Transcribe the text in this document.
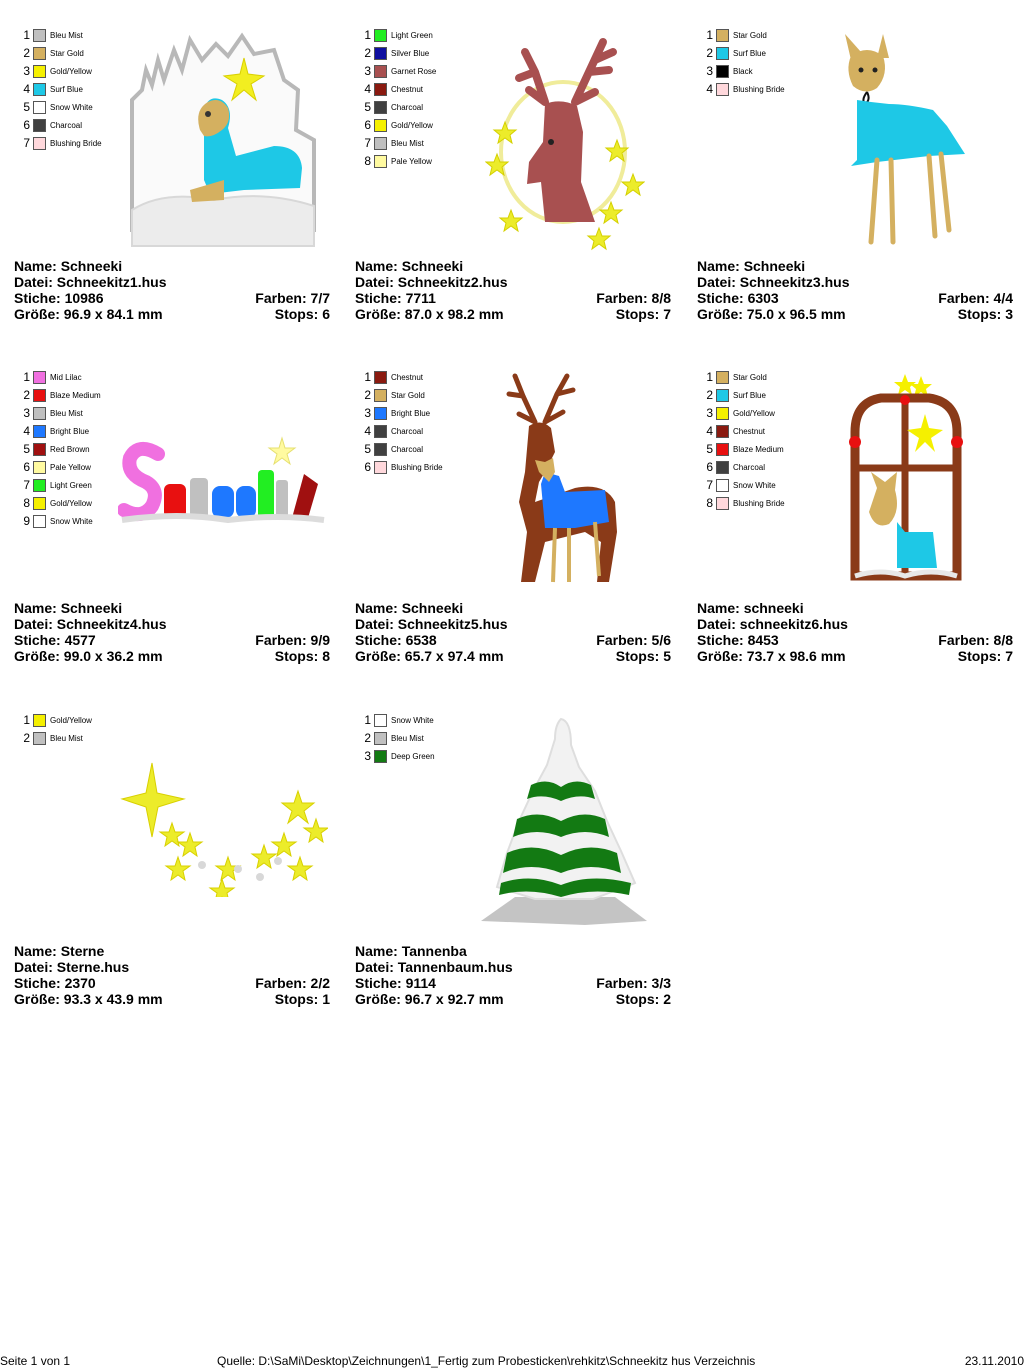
1	Bleu Mist
2	Star Gold
3	Gold/Yellow
4	Surf Blue
5	Snow White
6	Charcoal
7	Blushing Bride
Name: Schneeki
Datei: Schneekitz1.hus
Stiche: 10986	Farben: 7/7
Größe: 96.9 x 84.1 mm	Stops: 6
1	Light Green
2	Silver Blue
3	Garnet Rose
4	Chestnut
5	Charcoal
6	Gold/Yellow
7	Bleu Mist
8	Pale Yellow
Name: Schneeki
Datei: Schneekitz2.hus
Stiche: 7711	Farben: 8/8
Größe: 87.0 x 98.2 mm	Stops: 7
1	Star Gold
2	Surf Blue
3	Black
4	Blushing Bride
Name: Schneeki
Datei: Schneekitz3.hus
Stiche: 6303	Farben: 4/4
Größe: 75.0 x 96.5 mm	Stops: 3
1	Mid Lilac
2	Blaze Medium
3	Bleu Mist
4	Bright Blue
5	Red Brown
6	Pale Yellow
7	Light Green
8	Gold/Yellow
9	Snow White
Name: Schneeki
Datei: Schneekitz4.hus
Stiche: 4577	Farben: 9/9
Größe: 99.0 x 36.2 mm	Stops: 8
1	Chestnut
2	Star Gold
3	Bright Blue
4	Charcoal
5	Charcoal
6	Blushing Bride
Name: Schneeki
Datei: Schneekitz5.hus
Stiche: 6538	Farben: 5/6
Größe: 65.7 x 97.4 mm	Stops: 5
1	Star Gold
2	Surf Blue
3	Gold/Yellow
4	Chestnut
5	Blaze Medium
6	Charcoal
7	Snow White
8	Blushing Bride
Name: schneeki
Datei: schneekitz6.hus
Stiche: 8453	Farben: 8/8
Größe: 73.7 x 98.6 mm	Stops: 7
1	Gold/Yellow
2	Bleu Mist
Name: Sterne
Datei: Sterne.hus
Stiche: 2370	Farben: 2/2
Größe: 93.3 x 43.9 mm	Stops: 1
1	Snow White
2	Bleu Mist
3	Deep Green
Name: Tannenba
Datei: Tannenbaum.hus
Stiche: 9114	Farben: 3/3
Größe: 96.7 x 92.7 mm	Stops: 2
Seite 1 von 1	Quelle: D:\SaMi\Desktop\Zeichnungen\1_Fertig zum Probesticken\rehkitz\Schneekitz hus Verzeichnis	23.11.2010
